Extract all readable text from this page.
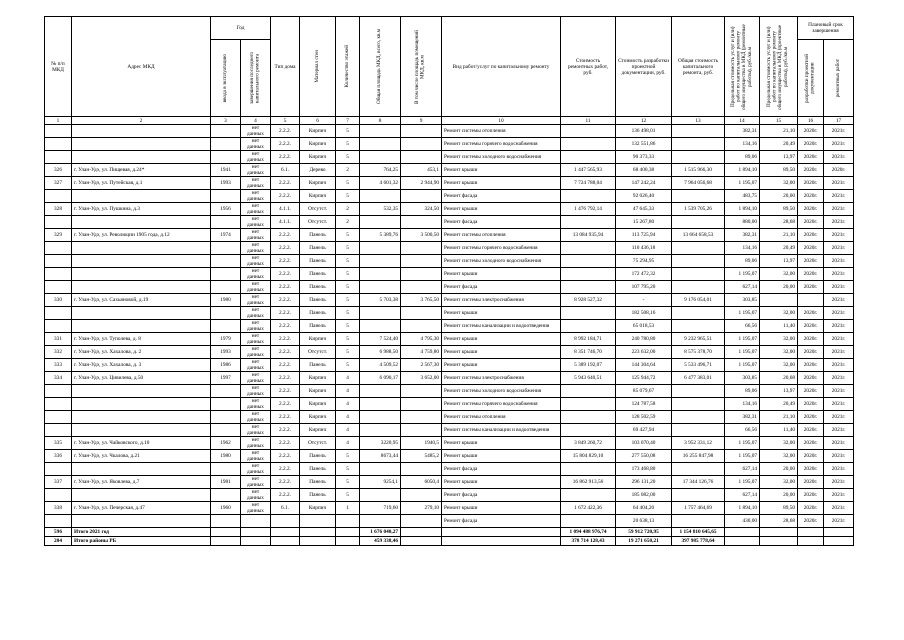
№ п/п МКД	Адрес МКД	Год		Тип дома	Материал стен	Количество этажей	Общая площадь МКД, всего, кв.м	В том числе площадь помещений МКД, кв.м	Вид работ/услуг по капитальному ремонту	Стоимость ремонтных работ, руб.	Стоимость разработки проектной документации, руб.	Общая стоимость капитального ремонта, руб.	Предельная стоимость услуг и (или) работ по капитальному ремонту общего имущества в МКД (ремонтные работы), руб./кв.м	Предельная стоимость услуг и (или) работ по капитальному ремонту общего имущества в МКД (проектные работы), руб./кв.м	Плановый срок завершения	

		ввода в эксплуатацию	завершения последнего капитального ремонта												разработки проектной документации	ремонтных работ

1	2	3	4	5	6	7	8	9	10	11	12	13	14	15	16	17
			нет данных	2.2.2.	Кирпич	5			Ремонт системы отопления		136 498,01		382,31	21,10	2020г.	2021г.
			нет данных	2.2.2.	Кирпич	5			Ремонт системы горячего водоснабжения		132 551,86		134,16	20,49	2020г.	2021г.
			нет данных	2.2.2.	Кирпич	5			Ремонт системы холодного водоснабжения		90 373,33		89,06	13,97	2020г.	2021г.
326	г. Улан-Удэ, ул. Пищевая, д.24*	1941	нет данных	6.1.	Дерево	2	764,25	453,1	Ремонт крыши	1 447 565,93	68 400,38	1 515 966,30	1 894,10	89,50	2020г.	2020г.
327	г. Улан-Удэ, ул. Путейская, д.1	1993	нет данных	2.2.2.	Кирпич	5	4 601,32	2 944,90	Ремонт крыши	7 724 788,04	147 242,24	7 964 056,68	1 195,07	32,00	2020г.	2021г.
			нет данных	2.2.2.	Кирпич	5			Ремонт фасада		92 026,40		483,75	20,00	2020г.	2021г.
328	г. Улан-Удэ, ул. Пушкина, д.3	1956	нет данных	4.1.1.	Отсутст.	2	532,35	324,50	Ремонт крыши	1 476 792,14	47 645,33	1 539 705,26	1 894,10	89,50	2020г.	2021г.
			нет данных	4.1.1.	Отсутст.	2			Ремонт фасада		15 267,80		880,00	28,68	2020г.	2021г.
329	г. Улан-Удэ, ул. Революции 1905 года, д.12	1974	нет данных	2.2.2.	Панель	5	5 389,76	3 500,50	Ремонт системы отопления	13 084 935,94	113 725,94	13 664 658,53	382,31	21,10	2020г.	2021г.
			нет данных	2.2.2.	Панель	5			Ремонт системы горячего водоснабжения		110 436,18		134,16	20,49	2020г.	2021г.
			нет данных	2.2.2.	Панель	5			Ремонт системы холодного водоснабжения		75 294,95		89,06	13,97	2020г.	2021г.
			нет данных	2.2.2.	Панель	5			Ремонт крыши		172 472,32		1 195,07	32,00	2020г.	2021г.
			нет данных	2.2.2.	Панель	5			Ремонт фасада		107 795,20		627,14	20,00	2020г.	2021г.
330	г. Улан-Удэ, ул. Сахьяновой, д.19	1980	нет данных	2.2.2.	Панель	5	5 703,38	3 765,50	Ремонт системы электроснабжения	8 928 527,32	-	9 176 054,01	303,85			2021г.
			нет данных	2.2.2.	Панель	5			Ремонт крыши		182 508,16		1 195,07	32,00	2020г.	2021г.
			нет данных	2.2.2.	Панель	5			Ремонт системы канализации и водоотведения		65 018,53		66,56	11,40	2020г.	2021г.
331	г. Улан-Удэ, ул. Туполева, д. 8	1979	нет данных	2.2.2.	Кирпич	5	7 524,40	4 795,30	Ремонт крыши	8 992 184,71	240 780,80	9 232 965,51	1 195,07	32,00	2020г.	2021г.
332	г. Улан-Удэ, ул. Хахалова, д. 2	1993	нет данных	2.2.2.	Отсутст.	5	6 988,50	4 759,80	Ремонт крыши	8 351 746,70	223 632,00	8 575 378,70	1 195,07	32,00	2020г.	2021г.
333	г. Улан-Удэ, ул. Хахалова, д. 3	1986	нет данных	2.2.2.	Панель	5	4 509,52	2 567,30	Ремонт крыши	5 389 192,07	144 304,64	5 533 496,71	1 195,07	32,00	2020г.	2021г.
334	г. Улан-Удэ, ул. Цивилева, д.50	1997	нет данных	2.2.2.	Кирпич	4	6 090,17	3 652,00	Ремонт системы электроснабжения	5 943 640,51	125 944,72	6 477 383,01	303,85	20,68	2020г.	2021г.
			нет данных	2.2.2.	Кирпич	4			Ремонт системы холодного водоснабжения		85 079,67		89,06	13,97	2020г.	2021г.
			нет данных	2.2.2.	Кирпич	4			Ремонт системы горячего водоснабжения		124 787,58		134,16	20,49	2020г.	2021г.
			нет данных	2.2.2.	Кирпич	4			Ремонт системы отопления		128 502,59		382,31	21,10	2020г.	2021г.
			нет данных	2.2.2.	Кирпич	4			Ремонт системы канализации и водоотведения		69 427,94		66,56	11,40	2020г.	2021г.
335	г. Улан-Удэ, ул. Чайковского, д.10	1962	нет данных	2.2.2.	Отсутст.	4	3220,95	1940,5	Ремонт крыши	3 849 260,72	103 070,40	3 952 331,12	1 195,07	32,00	2020г.	2021г.
336	г. Улан-Удэ, ул. Чкалова, д.21	1980	нет данных	2.2.2.	Панель	5	8673,44	5485,2	Ремонт крыши	15 804 829,10	277 550,08	16 255 847,98	1 195,07	32,00	2020г.	2021г.
			нет данных	2.2.2.	Панель	5			Ремонт фасада		173 468,80		627,14	20,00	2020г.	2021г.
337	г. Улан-Удэ, ул. Яковлева, д.7	1981	нет данных	2.2.2.	Панель	5	9254,1	6050,4	Ремонт крыши	16 862 913,56	296 131,20	17 344 126,76	1 195,07	32,00	2020г.	2021г.
			нет данных	2.2.2.	Панель	5			Ремонт фасада		185 082,00		627,14	20,00	2020г.	2021г.
338	г. Улан-Удэ, ул. Печерская, д.47	1960	нет данных	6.1.	Кирпич	1	719,60	279,10	Ремонт крыши	1 672 422,36	64 404,20	1 757 464,69	1 894,10	89,50	2020г.	2021г.
									Ремонт фасада		20 638,13		430,00	28,68	2020г.	2021г.
596	Итого 2021 год						1 676 040,27			1 094 488 976,74	59 912 720,95	1 154 810 645,65				
204	Итого районы РБ						459 338,46			378 714 128,43	19 271 650,21	397 985 778,64				
